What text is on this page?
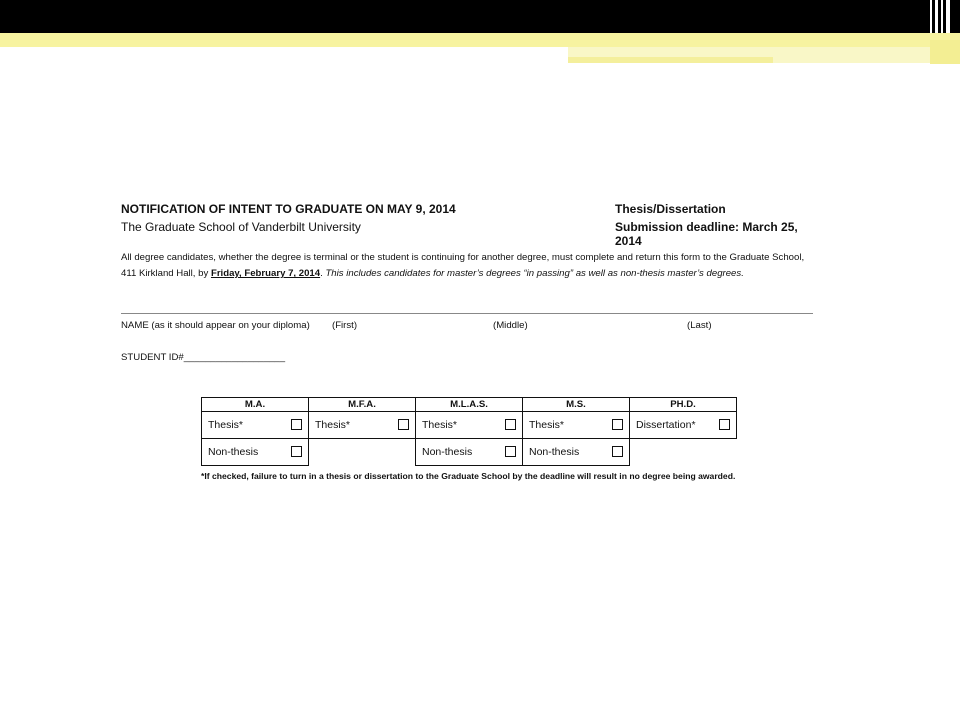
NOTIFICATION OF INTENT TO GRADUATE ON MAY 9, 2014
The Graduate School of Vanderbilt University
Thesis/Dissertation
Submission deadline: March 25, 2014
All degree candidates, whether the degree is terminal or the student is continuing for another degree, must complete and return this form to the Graduate School, 411 Kirkland Hall, by Friday, February 7, 2014. This includes candidates for master’s degrees “in passing” as well as non-thesis master’s degrees.
NAME (as it should appear on your diploma) (First)	(Middle)	(Last)
STUDENT ID#___________________
M.A.	M.F.A.	M.L.A.S.	M.S.	PH.D.

Thesis*	Thesis*	Thesis*	Thesis*	Dissertation*

Non-thesis		Non-thesis	Non-thesis	

*If checked, failure to turn in a thesis or dissertation to the Graduate School by the deadline will result in no degree being awarded.
